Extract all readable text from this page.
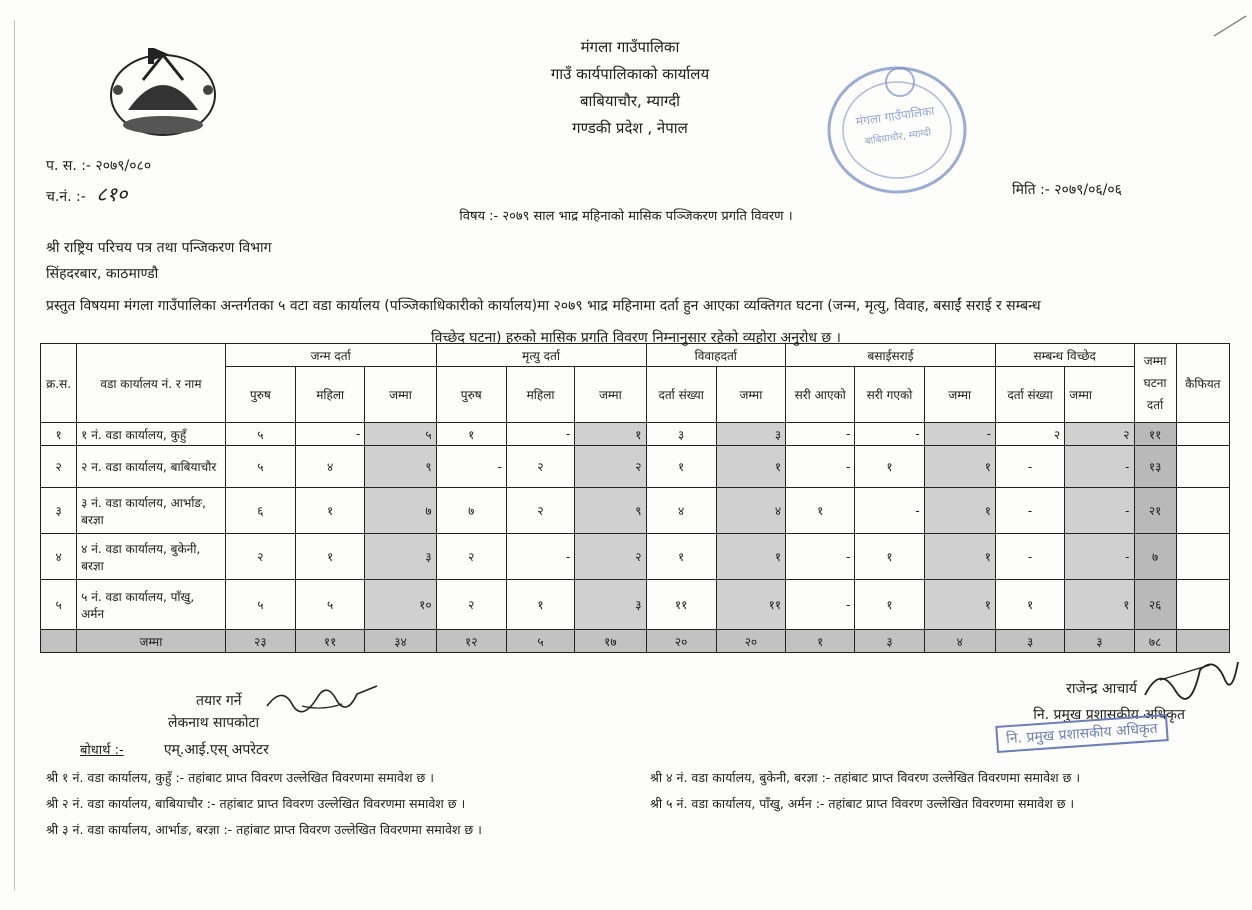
मंगला गाउँपालिका
गाउँ कार्यपालिकाको कार्यालय
बाबियाचौर, म्याग्दी
गण्डकी प्रदेश , नेपाल	मंगला गाउँपालिका
बाबियाचौर, म्याग्दी
प. स. :- २०७९/०८०
च.नं. :- ८१०	मिति :- २०७९/०६/०६
विषय :- २०७९ साल भाद्र महिनाको मासिक पञ्जिकरण प्रगति विवरण ।
श्री राष्ट्रिय परिचय पत्र तथा पन्जिकरण विभाग
सिंहदरबार, काठमाण्डौ
प्रस्तुत विषयमा मंगला गाउँपालिका अन्तर्गतका ५ वटा वडा कार्यालय (पञ्जिकाधिकारीको कार्यालय)मा २०७९ भाद्र महिनामा दर्ता हुन आएका व्यक्तिगत घटना (जन्म, मृत्यु, विवाह, बसाईं सराई र सम्बन्ध
विच्छेद घटना) हरुको मासिक प्रगति विवरण निम्नानुसार रहेको व्यहोरा अनुरोध छ ।
क्र.स.	वडा कार्यालय नं. र नाम	जन्म दर्ता			मृत्यु दर्ता			विवाहदर्ता		बसाईसराई			सम्बन्ध विच्छेद		जम्मा घटना दर्ता	कैफियत
		पुरुष	महिला	जम्मा	पुरुष	महिला	जम्मा	दर्ता संख्या	जम्मा	सरी आएको	सरी गएको	जम्मा	दर्ता संख्या	जम्मा		
१	१ नं. वडा कार्यालय, कुहुँ	५	-	५	१	-	१	३	३	-	-	-	२	२	११	
२	२ न. वडा कार्यालय, बाबियाचौर	५	४	९	-	२	२	१	१	-	१	१	-	-	१३	
३	३ नं. वडा कार्यालय, आर्भाङ, बरज्ञा	६	१	७	७	२	९	४	४	१	-	१	-	-	२१	
४	४ नं. वडा कार्यालय, बुकेनी, बरज्ञा	२	१	३	२	-	२	१	१	-	१	१	-	-	७	
५	५ नं. वडा कार्यालय, पाँखु, अर्मन	५	५	१०	२	१	३	११	११	-	१	१	१	१	२६	
	जम्मा	२३	११	३४	१२	५	१७	२०	२०	१	३	४	३	३	७८	
तयार गर्ने
लेकनाथ सापकोटा
बोधार्थ :-	एम्.आई.एस् अपरेटर
राजेन्द्र आचार्य
नि. प्रमुख प्रशासकीय अधिकृत
नि. प्रमुख प्रशासकीय अधिकृत
श्री १ नं. वडा कार्यालय, कुहुँ :- तहांबाट प्राप्त विवरण उल्लेखित विवरणमा समावेश छ ।
श्री २ नं. वडा कार्यालय, बाबियाचौर :- तहांबाट प्राप्त विवरण उल्लेखित विवरणमा समावेश छ ।
श्री ३ नं. वडा कार्यालय, आर्भाङ, बरज्ञा :- तहांबाट प्राप्त विवरण उल्लेखित विवरणमा समावेश छ ।
श्री ४ नं. वडा कार्यालय, बुकेनी, बरज्ञा :- तहांबाट प्राप्त विवरण उल्लेखित विवरणमा समावेश छ ।
श्री ५ नं. वडा कार्यालय, पाँखु, अर्मन :- तहांबाट प्राप्त विवरण उल्लेखित विवरणमा समावेश छ ।
